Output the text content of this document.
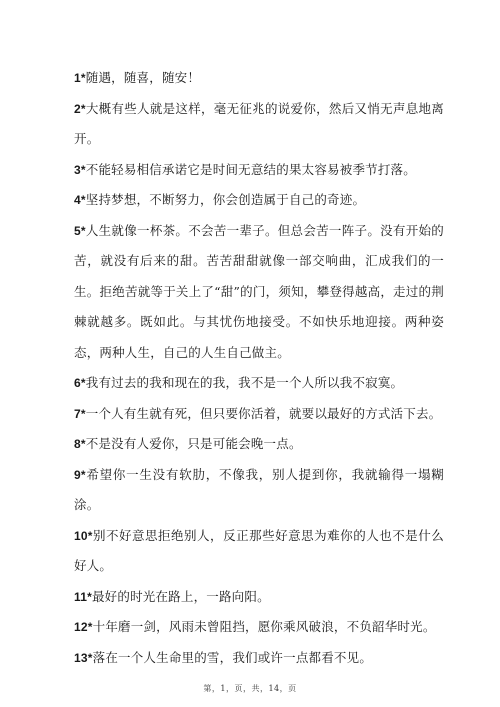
1*随遇，随喜，随安！

2*大概有些人就是这样，毫无征兆的说爱你，然后又悄无声息地离开。

3*不能轻易相信承诺它是时间无意结的果太容易被季节打落。

4*坚持梦想，不断努力，你会创造属于自己的奇迹。

5*人生就像一杯茶。不会苦一辈子。但总会苦一阵子。没有开始的苦，就没有后来的甜。苦苦甜甜就像一部交响曲，汇成我们的一生。拒绝苦就等于关上了“甜”的门，须知，攀登得越高，走过的荆棘就越多。既如此。与其忧伤地接受。不如快乐地迎接。两种姿态，两种人生，自己的人生自己做主。

6*我有过去的我和现在的我，我不是一个人所以我不寂寞。

7*一个人有生就有死，但只要你活着，就要以最好的方式活下去。

8*不是没有人爱你，只是可能会晚一点。

9*希望你一生没有软肋，不像我，别人提到你，我就输得一塌糊涂。

10*别不好意思拒绝别人，反正那些好意思为难你的人也不是什么好人。

11*最好的时光在路上，一路向阳。

12*十年磨一剑，风雨未曾阻挡，愿你乘风破浪，不负韶华时光。

13*落在一个人生命里的雪，我们或许一点都看不见。

第，1，页，共，14，页
